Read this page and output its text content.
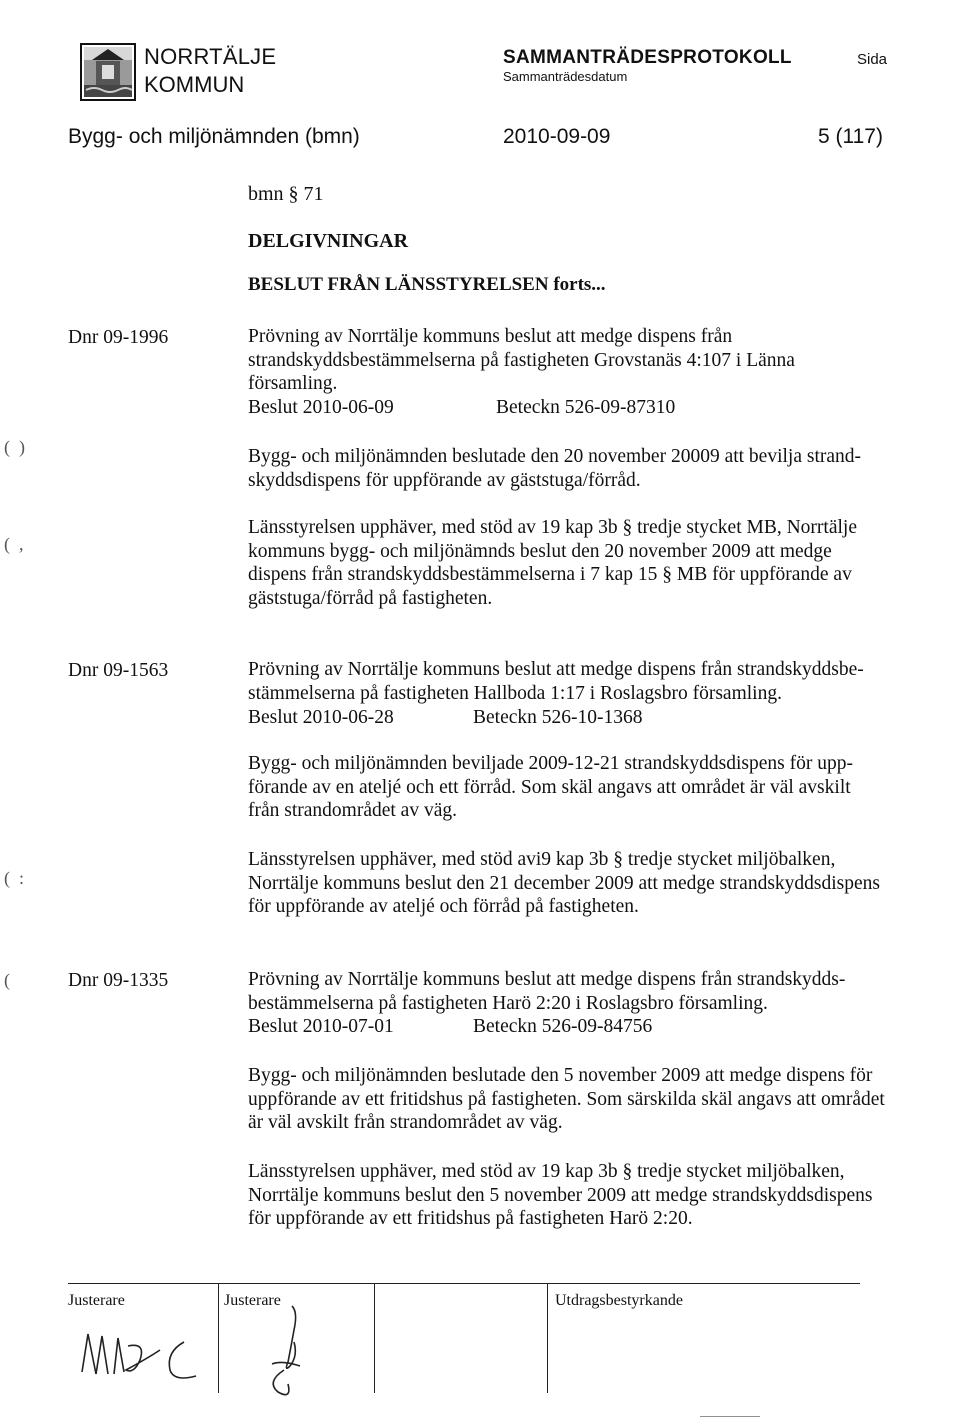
NORRTÄLJE
KOMMUN
SAMMANTRÄDESPROTOKOLL
Sammanträdesdatum
Sida
Bygg- och miljönämnden (bmn)	2010-09-09	5 (117)
bmn § 71
DELGIVNINGAR
BESLUT FRÅN LÄNSSTYRELSEN forts...
Dnr 09-1996	Prövning av Norrtälje kommuns beslut att medge dispens från
strandskyddsbestämmelserna på fastigheten Grovstanäs 4:107 i Länna
församling.
Beslut 2010-06-09	Beteckn 526-09-87310
(  )	Bygg- och miljönämnden beslutade den 20 november 20009 att bevilja strand-
skyddsdispens för uppförande av gäststuga/förråd.
(  ,
Länsstyrelsen upphäver, med stöd av 19 kap 3b § tredje stycket MB, Norrtälje
kommuns bygg- och miljönämnds beslut den 20 november 2009 att medge
dispens från strandskyddsbestämmelserna i 7 kap 15 § MB för uppförande av
gäststuga/förråd på fastigheten.
Dnr 09-1563	Prövning av Norrtälje kommuns beslut att medge dispens från strandskyddsbe-
stämmelserna på fastigheten Hallboda 1:17 i Roslagsbro församling.
Beslut 2010-06-28	Beteckn 526-10-1368
Bygg- och miljönämnden beviljade 2009-12-21 strandskyddsdispens för upp-
förande av en ateljé och ett förråd. Som skäl angavs att området är väl avskilt
från strandområdet av väg.
(  :
Länsstyrelsen upphäver, med stöd avi9 kap 3b § tredje stycket miljöbalken,
Norrtälje kommuns beslut den 21 december 2009 att medge strandskyddsdispens
för uppförande av ateljé och förråd på fastigheten.
(	Dnr 09-1335	Prövning av Norrtälje kommuns beslut att medge dispens från strandskydds-
bestämmelserna på fastigheten Harö 2:20 i Roslagsbro församling.
Beslut 2010-07-01	Beteckn 526-09-84756
Bygg- och miljönämnden beslutade den 5 november 2009 att medge dispens för
uppförande av ett fritidshus på fastigheten. Som särskilda skäl angavs att området
är väl avskilt från strandområdet av väg.
Länsstyrelsen upphäver, med stöd av 19 kap 3b § tredje stycket miljöbalken,
Norrtälje kommuns beslut den 5 november 2009 att medge strandskyddsdispens
för uppförande av ett fritidshus på fastigheten Harö 2:20.
Justerare	Justerare	Utdragsbestyrkande
